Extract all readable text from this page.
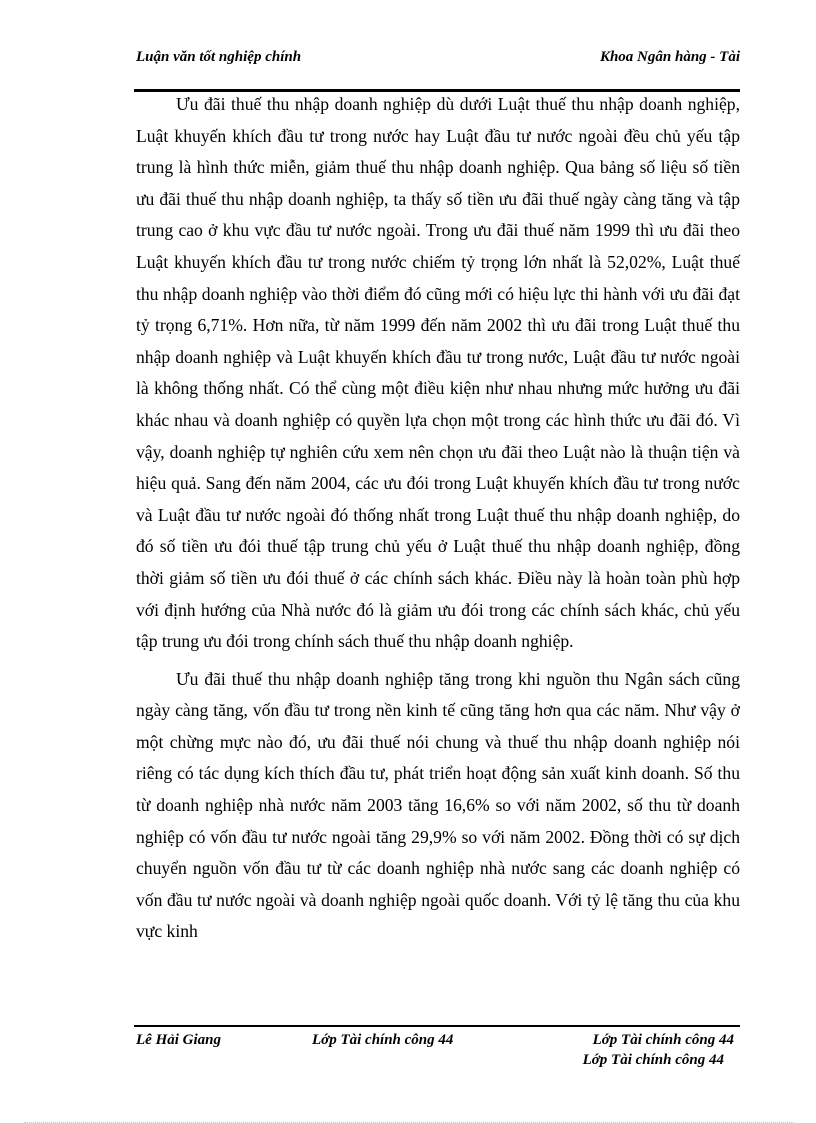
Luận văn tốt nghiệp chính	Khoa Ngân hàng - Tài

Ưu đãi thuế thu nhập doanh nghiệp dù dưới Luật thuế thu nhập doanh nghiệp, Luật khuyến khích đầu tư trong nước hay Luật đầu tư nước ngoài đều chủ yếu tập trung là hình thức miễn, giảm thuế thu nhập doanh nghiệp. Qua bảng số liệu số tiền ưu đãi thuế thu nhập doanh nghiệp, ta thấy số tiền ưu đãi thuế ngày càng tăng và tập trung cao ở khu vực đầu tư nước ngoài. Trong ưu đãi thuế năm 1999 thì ưu đãi theo Luật khuyến khích đầu tư trong nước chiếm tỷ trọng lớn nhất là 52,02%, Luật thuế thu nhập doanh nghiệp vào thời điểm đó cũng mới có hiệu lực thi hành với ưu đãi đạt tỷ trọng 6,71%. Hơn nữa, từ năm 1999 đến năm 2002 thì ưu đãi trong Luật thuế thu nhập doanh nghiệp và Luật khuyến khích đầu tư trong nước, Luật đầu tư nước ngoài là không thống nhất. Có thể cùng một điều kiện như nhau nhưng mức hưởng ưu đãi khác nhau và doanh nghiệp có quyền lựa chọn một trong các hình thức ưu đãi đó. Vì vậy, doanh nghiệp tự nghiên cứu xem nên chọn ưu đãi theo Luật nào là thuận tiện và hiệu quả. Sang đến năm 2004, các ưu đói trong Luật khuyến khích đầu tư trong nước và Luật đầu tư nước ngoài đó thống nhất trong Luật thuế thu nhập doanh nghiệp, do đó số tiền ưu đói thuế tập trung chủ yếu ở Luật thuế thu nhập doanh nghiệp, đồng thời giảm số tiền ưu đói thuế ở các chính sách khác. Điều này là hoàn toàn phù hợp với định hướng của Nhà nước đó là giảm ưu đói trong các chính sách khác, chủ yếu tập trung ưu đói trong chính sách thuế thu nhập doanh nghiệp.

Ưu đãi thuế thu nhập doanh nghiệp tăng trong khi nguồn thu Ngân sách cũng ngày càng tăng, vốn đầu tư trong nền kinh tế cũng tăng hơn qua các năm. Như vậy ở một chừng mực nào đó, ưu đãi thuế nói chung và thuế thu nhập doanh nghiệp nói riêng có tác dụng kích thích đầu tư, phát triển hoạt động sản xuất kinh doanh. Số thu từ doanh nghiệp nhà nước năm 2003 tăng 16,6% so với năm 2002, số thu từ doanh nghiệp có vốn đầu tư nước ngoài tăng 29,9% so với năm 2002. Đồng thời có sự dịch chuyển nguồn vốn đầu tư từ các doanh nghiệp nhà nước sang các doanh nghiệp có vốn đầu tư nước ngoài và doanh nghiệp ngoài quốc doanh. Với tỷ lệ tăng thu của khu vực kinh

Lê Hải Giang	Lớp Tài chính công 44	Lớp Tài chính công 44
Lớp Tài chính công 44
